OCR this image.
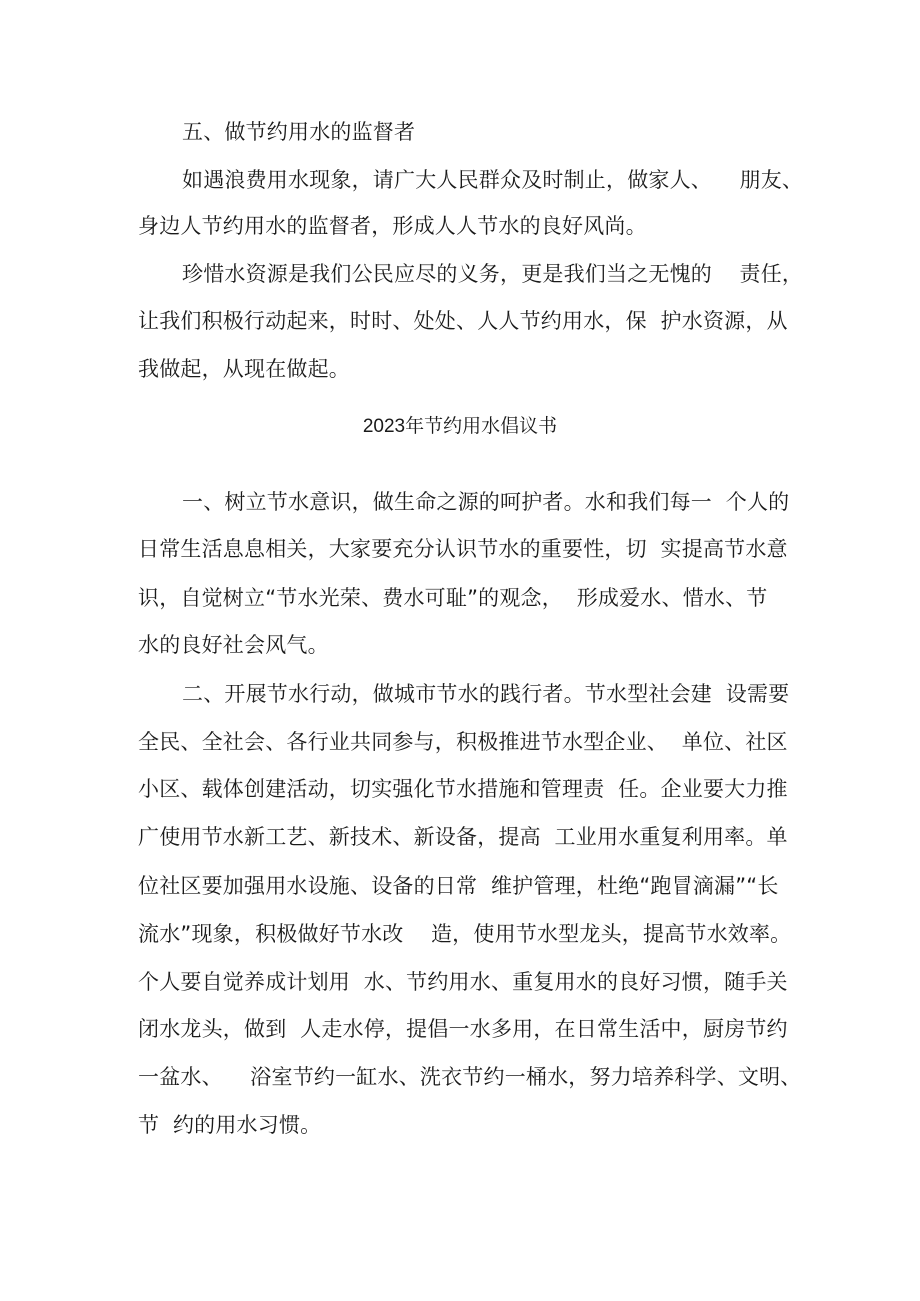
五、做节约用水的监督者
如遇浪费用水现象，请广大人民群众及时制止，做家人、    朋友、
身边人节约用水的监督者，形成人人节水的良好风尚。
珍惜水资源是我们公民应尽的义务，更是我们当之无愧的    责任，
让我们积极行动起来，时时、处处、人人节约用水，保  护水资源，从
我做起，从现在做起。
2023年节约用水倡议书
一、树立节水意识，做生命之源的呵护者。水和我们每一  个人的
日常生活息息相关，大家要充分认识节水的重要性，切  实提高节水意
识，自觉树立“节水光荣、费水可耻”的观念，  形成爱水、惜水、节
水的良好社会风气。
二、开展节水行动，做城市节水的践行者。节水型社会建  设需要
全民、全社会、各行业共同参与，积极推进节水型企业、  单位、社区
小区、载体创建活动，切实强化节水措施和管理责  任。企业要大力推
广使用节水新工艺、新技术、新设备，提高  工业用水重复利用率。单
位社区要加强用水设施、设备的日常  维护管理，杜绝“跑冒滴漏”“长
流水”现象，积极做好节水改    造，使用节水型龙头，提高节水效率。
个人要自觉养成计划用  水、节约用水、重复用水的良好习惯，随手关
闭水龙头，做到  人走水停，提倡一水多用，在日常生活中，厨房节约
一盆水、    浴室节约一缸水、洗衣节约一桶水，努力培养科学、文明、
节  约的用水习惯。
